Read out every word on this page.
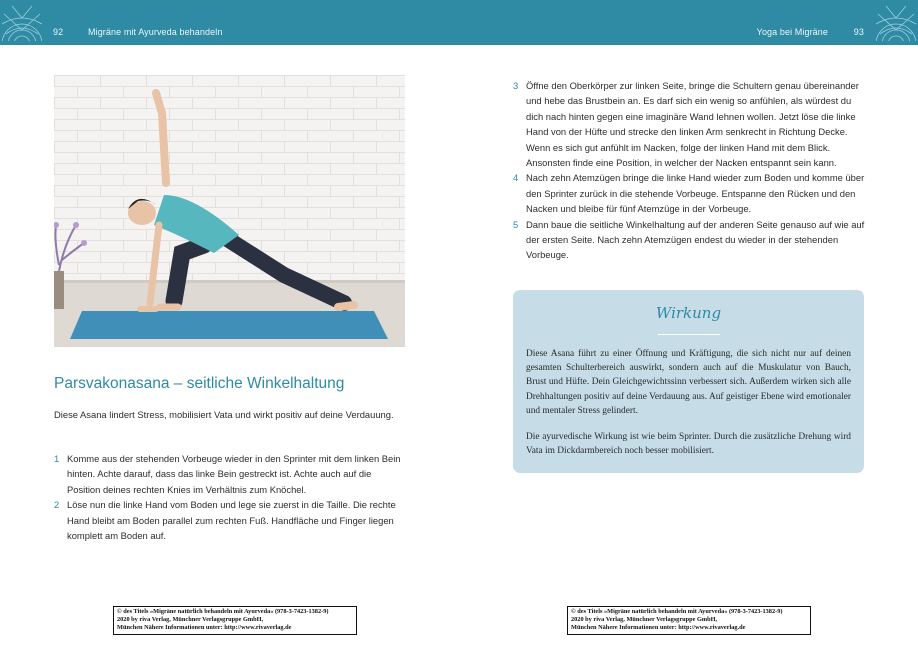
92	Migräne mit Ayurveda behandeln	Yoga bei Migräne	93
Parsvakonasana – seitliche Winkelhaltung
Diese Asana lindert Stress, mobilisiert Vata und wirkt positiv auf deine Verdauung.
1 Komme aus der stehenden Vorbeuge wieder in den Sprinter mit dem linken Bein hinten. Achte darauf, dass das linke Bein gestreckt ist. Achte auch auf die Position deines rechten Knies im Verhältnis zum Knöchel.
2 Löse nun die linke Hand vom Boden und lege sie zuerst in die Taille. Die rechte Hand bleibt am Boden parallel zum rechten Fuß. Handfläche und Finger liegen komplett am Boden auf.
3 Öffne den Oberkörper zur linken Seite, bringe die Schultern genau übereinander und hebe das Brustbein an. Es darf sich ein wenig so anfühlen, als würdest du dich nach hinten gegen eine imaginäre Wand lehnen wollen. Jetzt löse die linke Hand von der Hüfte und strecke den linken Arm senkrecht in Richtung Decke. Wenn es sich gut anfühlt im Nacken, folge der linken Hand mit dem Blick. Ansonsten finde eine Position, in welcher der Nacken entspannt sein kann.
4 Nach zehn Atemzügen bringe die linke Hand wieder zum Boden und komme über den Sprinter zurück in die stehende Vorbeuge. Entspanne den Rücken und den Nacken und bleibe für fünf Atemzüge in der Vorbeuge.
5 Dann baue die seitliche Winkelhaltung auf der anderen Seite genauso auf wie auf der ersten Seite. Nach zehn Atemzügen endest du wieder in der stehenden Vorbeuge.
Wirkung
Diese Asana führt zu einer Öffnung und Kräftigung, die sich nicht nur auf deinen gesamten Schulterbereich auswirkt, sondern auch auf die Muskulatur von Bauch, Brust und Hüfte. Dein Gleichgewichtssinn verbessert sich. Außerdem wirken sich alle Drehhaltungen positiv auf deine Verdauung aus. Auf geistiger Ebene wird emotionaler und mentaler Stress gelindert.
Die ayurvedische Wirkung ist wie beim Sprinter. Durch die zusätzliche Drehung wird Vata im Dickdarmbereich noch besser mobilisiert.
© des Titels »Migräne natürlich behandeln mit Ayurveda« (978-3-7423-1382-9)
2020 by riva Verlag, Münchner Verlagsgruppe GmbH,
München Nähere Informationen unter: http://www.rivaverlag.de
© des Titels »Migräne natürlich behandeln mit Ayurveda« (978-3-7423-1382-9)
2020 by riva Verlag, Münchner Verlagsgruppe GmbH,
München Nähere Informationen unter: http://www.rivaverlag.de
